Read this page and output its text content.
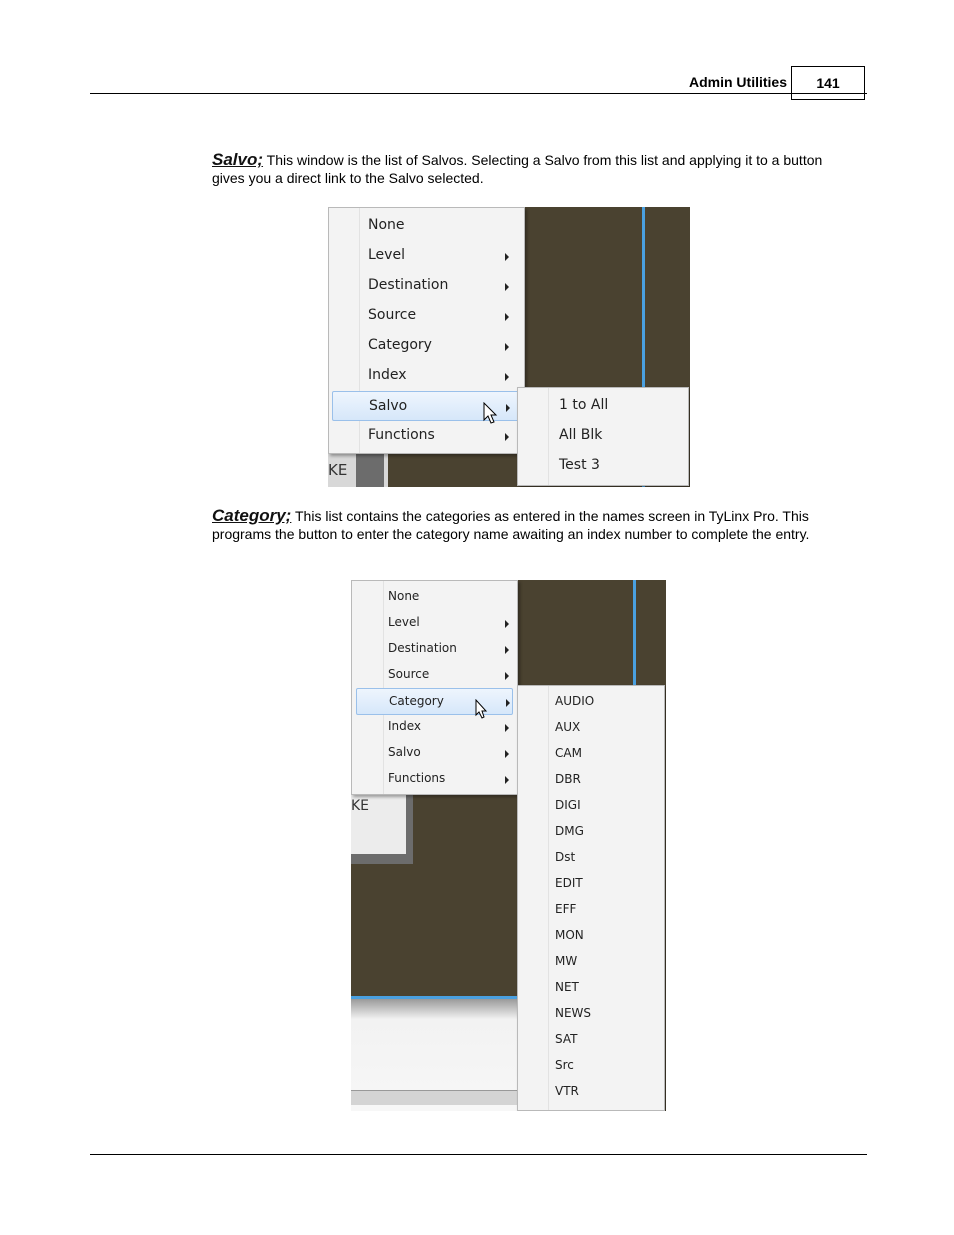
Admin Utilities	141
Salvo; This window is the list of Salvos. Selecting a Salvo from this list and applying it to a button gives you a direct link to the Salvo selected.
KE
None
Level
Destination
Source
Category
Index
Salvo
Functions
1 to All
All Blk
Test 3
Category; This list contains the categories as entered in the names screen in TyLinx Pro. This programs the button to enter the category name awaiting an index number to complete the entry.
KE
None
Level
Destination
Source
Category
Index
Salvo
Functions
AUDIO
AUX
CAM
DBR
DIGI
DMG
Dst
EDIT
EFF
MON
MW
NET
NEWS
SAT
Src
VTR
